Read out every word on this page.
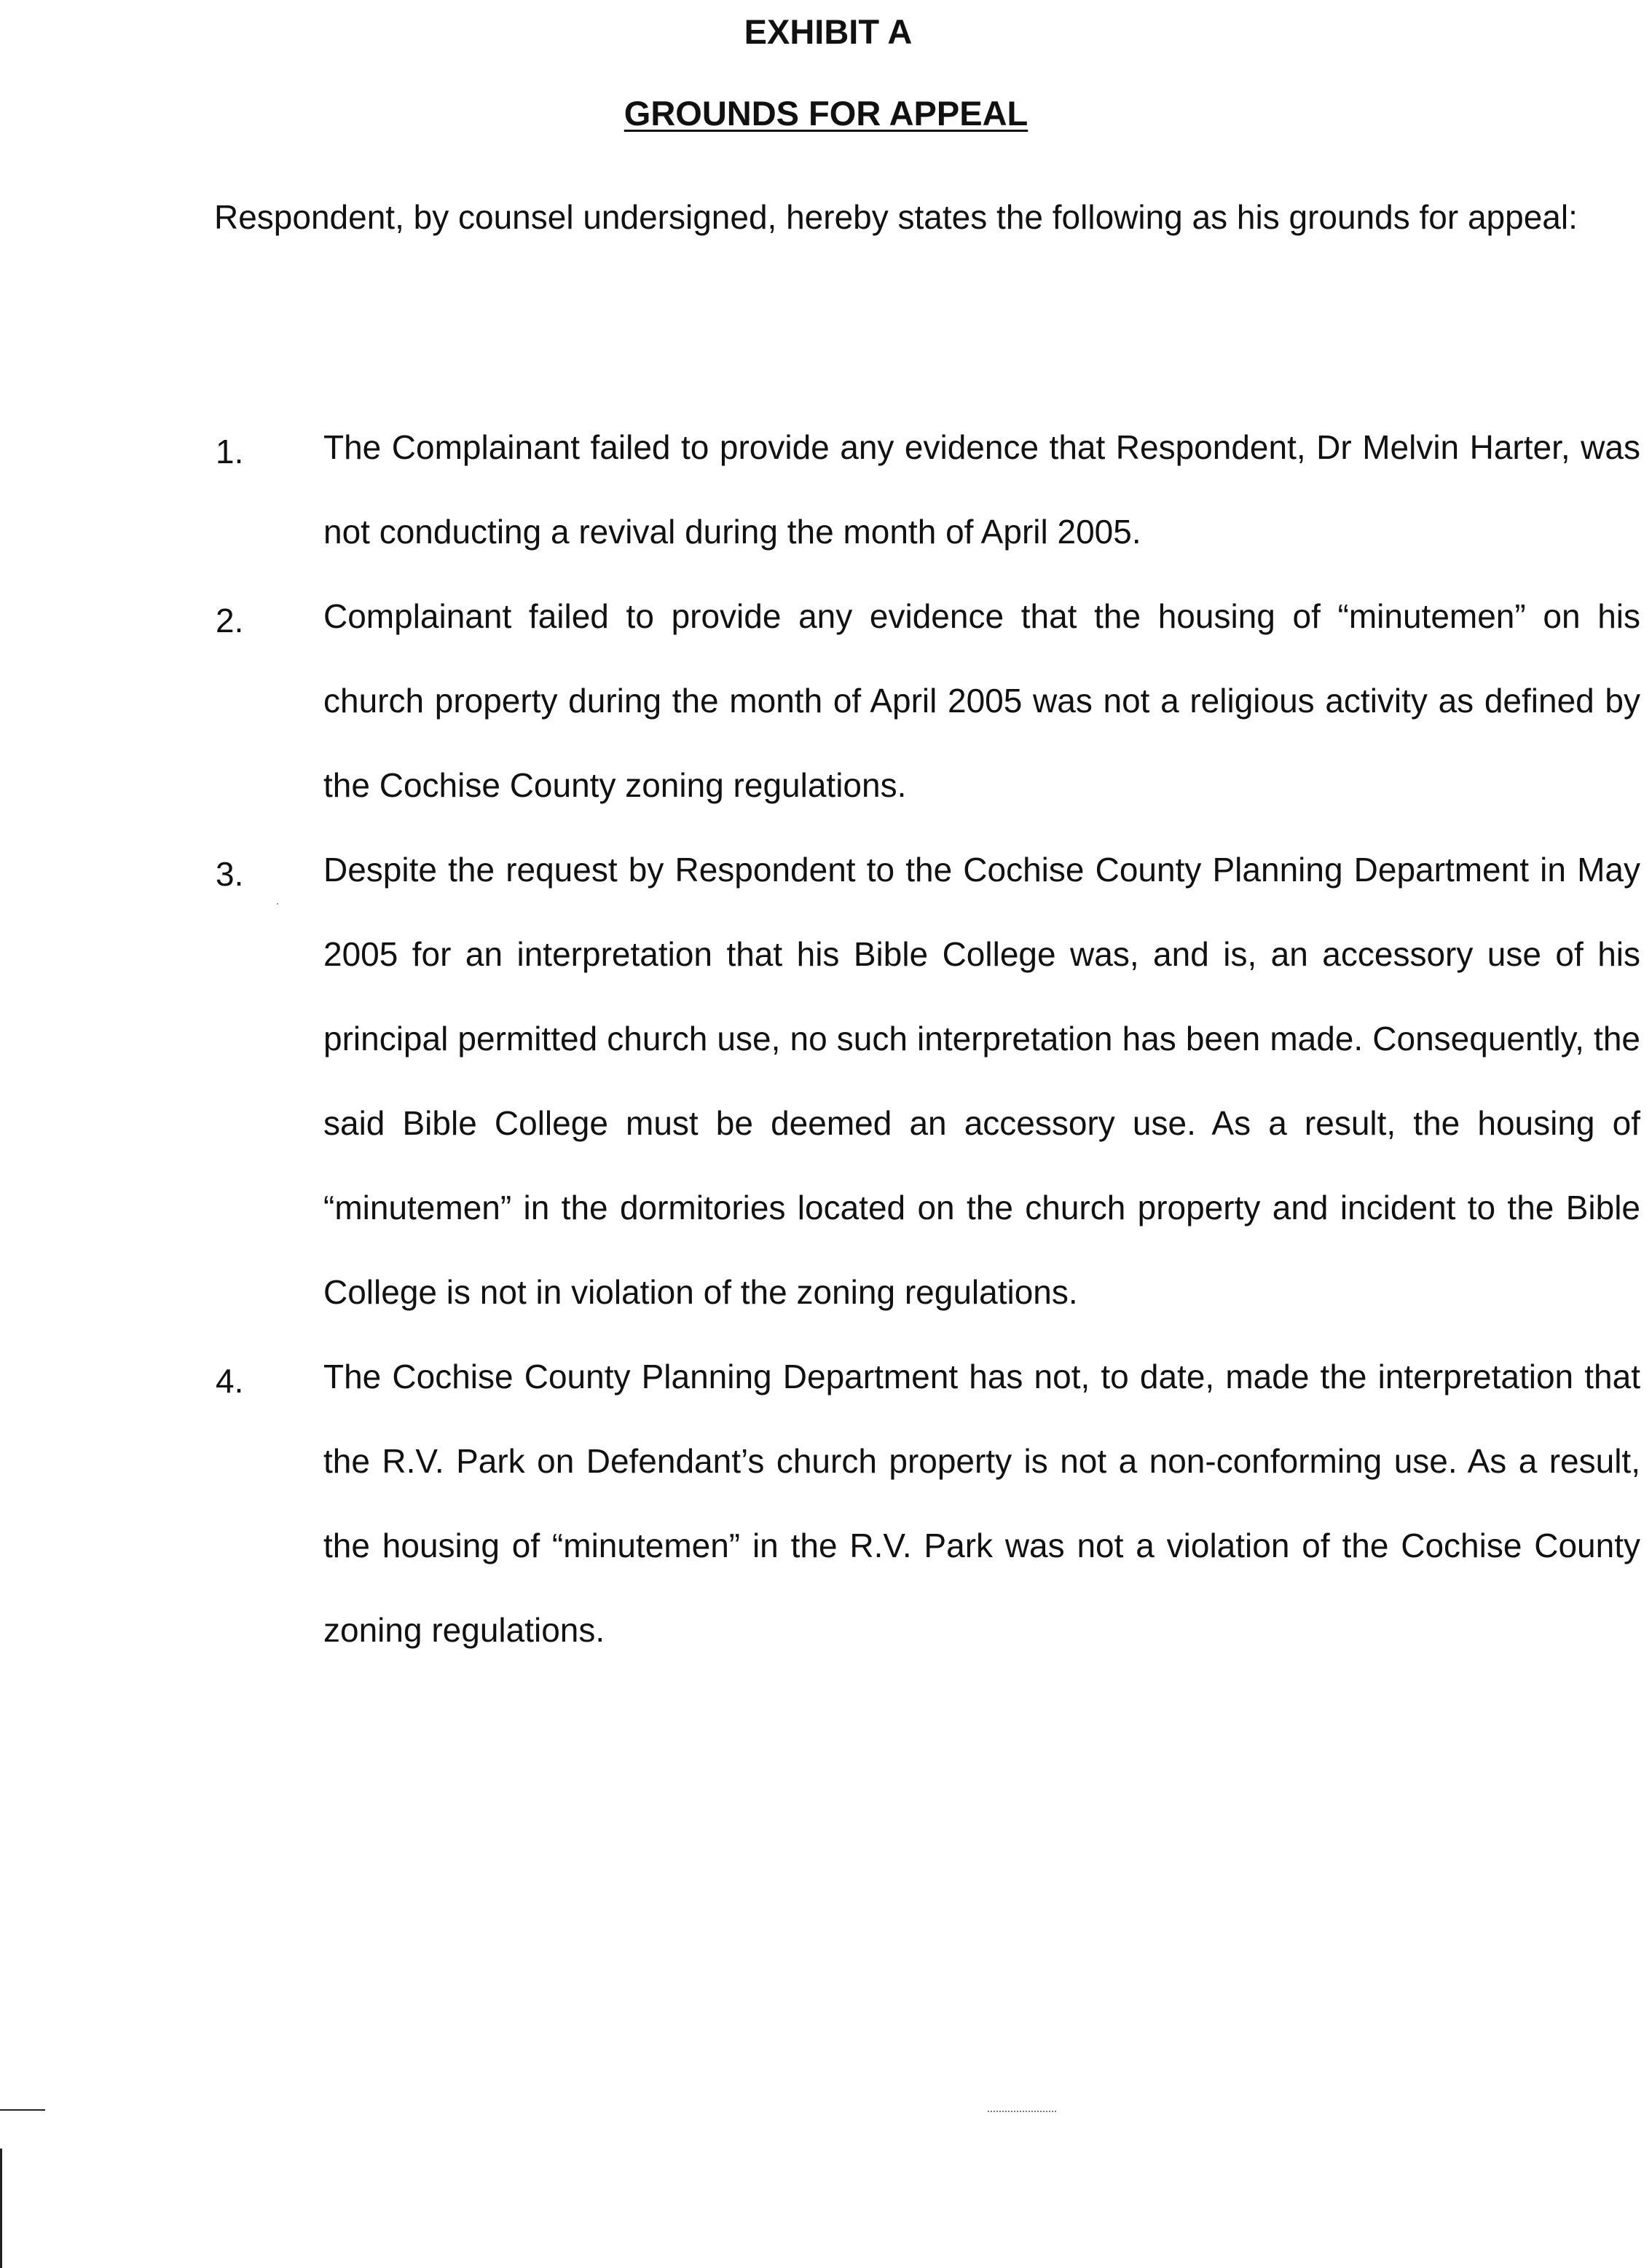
EXHIBIT A
GROUNDS FOR APPEAL

Respondent, by counsel undersigned, hereby states the following as his grounds for appeal:

1. The Complainant failed to provide any evidence that Respondent, Dr Melvin Harter, was not conducting a revival during the month of April 2005.

2. Complainant failed to provide any evidence that the housing of “minutemen” on his church property during the month of April 2005 was not a religious activity as defined by the Cochise County zoning regulations.

3. Despite the request by Respondent to the Cochise County Planning Department in May 2005 for an interpretation that his Bible College was, and is, an accessory use of his principal permitted church use, no such interpretation has been made. Consequently, the said Bible College must be deemed an accessory use. As a result, the housing of “minutemen” in the dormitories located on the church property and incident to the Bible College is not in violation of the zoning regulations.

4. The Cochise County Planning Department has not, to date, made the interpretation that the R.V. Park on Defendant’s church property is not a non-conforming use. As a result, the housing of “minutemen” in the R.V. Park was not a violation of the Cochise County zoning regulations.
